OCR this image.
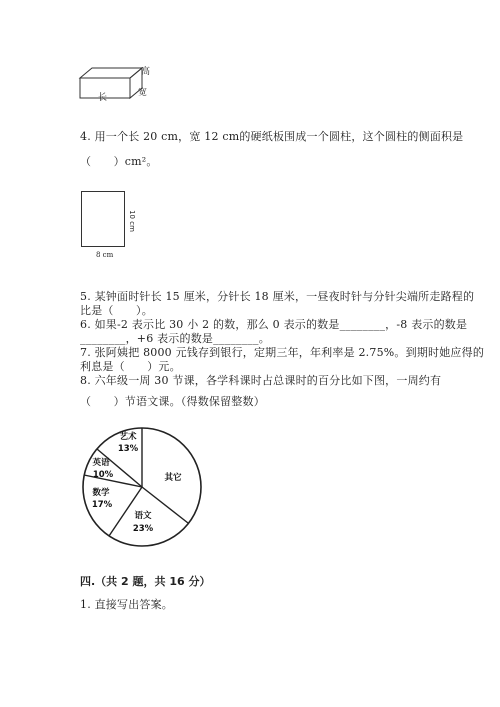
高
宽
长
4. 用一个长 20 cm，宽 12 cm的硬纸板围成一个圆柱，这个圆柱的侧面积是
（　　）cm²。
10 cm
8 cm
5. 某钟面时针长 15 厘米，分针长 18 厘米，一昼夜时针与分针尖端所走路程的
比是（　　）。
6. 如果-2 表示比 30 小 2 的数，那么 0 表示的数是________，-8 表示的数是
________，+6 表示的数是________。
7. 张阿姨把 8000 元钱存到银行，定期三年，年利率是 2.75%。到期时她应得的
利息是（　　）元。
8. 六年级一周 30 节课，各学科课时占总课时的百分比如下图，一周约有
（　　）节语文课。（得数保留整数）
艺术
13%
英语
10%
数学
17%
语文
23%
其它
四.（共 2 题，共 16 分）
1. 直接写出答案。
